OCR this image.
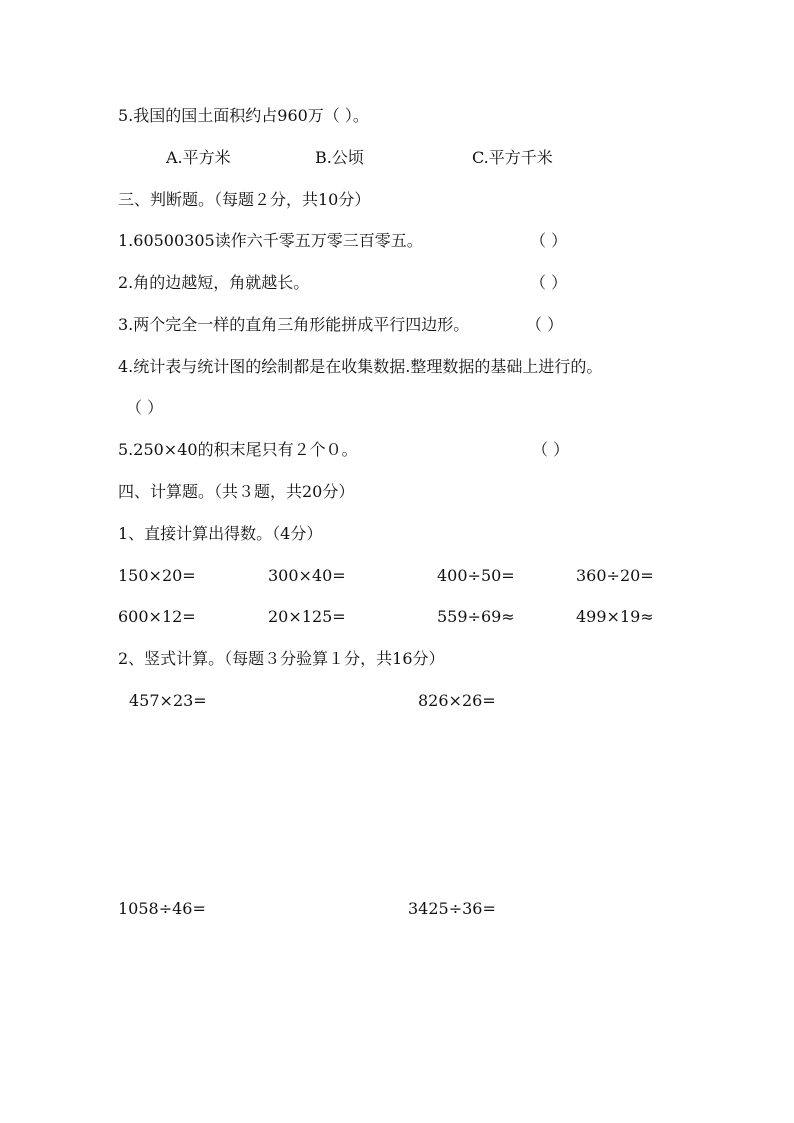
5.我国的国土面积约占960万（ ）。
A.平方米	B.公顷	C.平方千米
三、判断题。（每题２分，共10分）
1.60500305读作六千零五万零三百零五。	（ ）
2.角的边越短，角就越长。	（ ）
3.两个完全一样的直角三角形能拼成平行四边形。	（ ）
4.统计表与统计图的绘制都是在收集数据.整理数据的基础上进行的。
（ ）
5.250×40的积末尾只有２个０。	（ ）
四、计算题。（共３题，共20分）
1、直接计算出得数。（4分）
150×20=	300×40=	400÷50=	360÷20=
600×12=	20×125=	559÷69≈	499×19≈
2、竖式计算。（每题３分验算１分，共16分）
457×23=	826×26=
1058÷46=	3425÷36=
